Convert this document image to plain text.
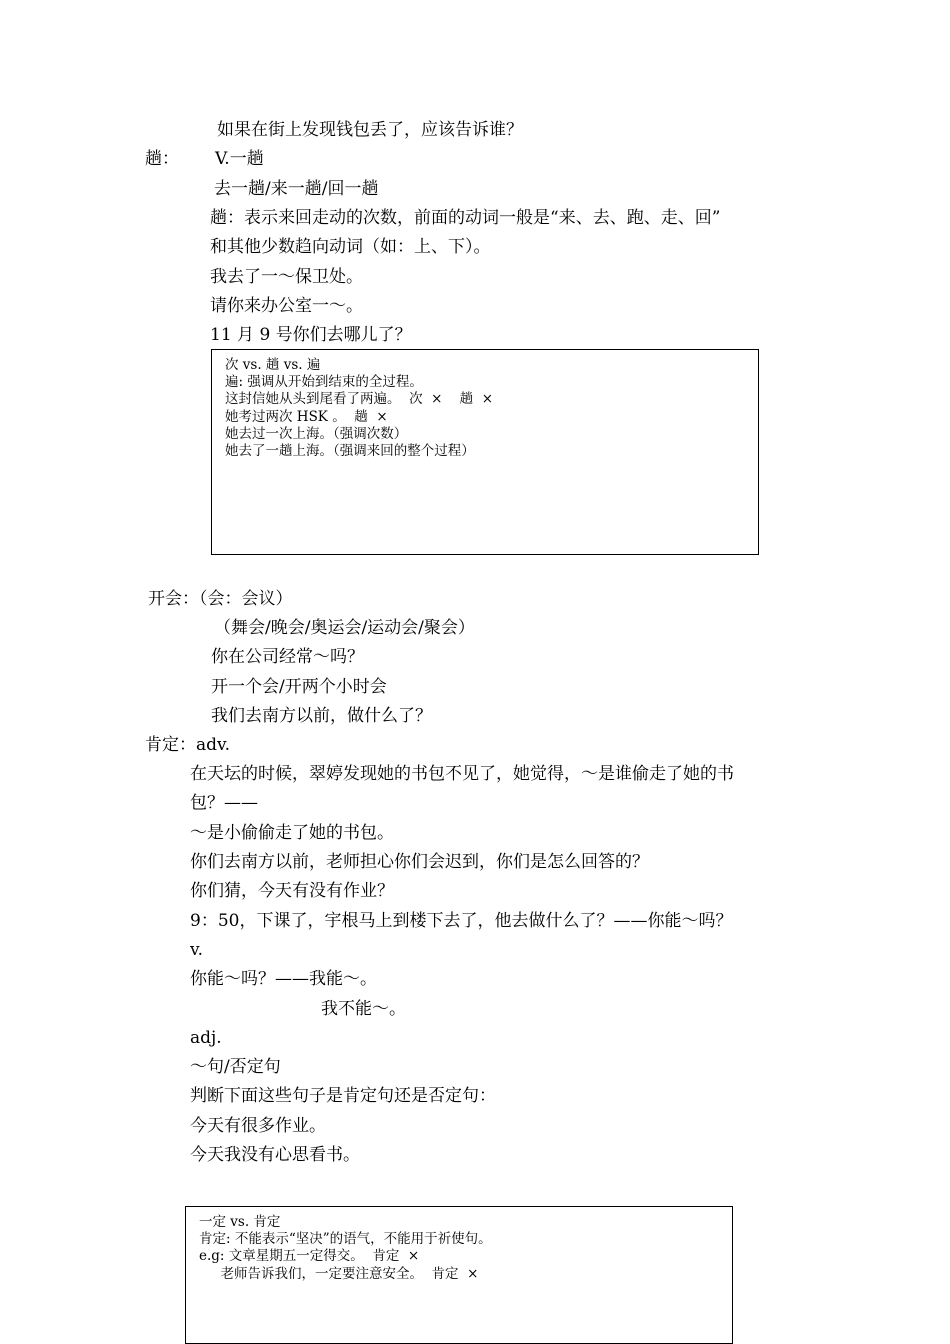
如果在街上发现钱包丢了，应该告诉谁？
趟： V.一趟
去一趟/来一趟/回一趟
趟：表示来回走动的次数，前面的动词一般是“来、去、跑、走、回”
和其他少数趋向动词（如：上、下）。
我去了一～保卫处。
请你来办公室一～。
11 月 9 号你们去哪儿了？
次 vs. 趟 vs. 遍
遍: 强调从开始到结束的全过程。
这封信她从头到尾看了两遍。  次  ×    趟  ×
她考过两次 HSK 。  趟  ×
她去过一次上海。（强调次数）
她去了一趟上海。（强调来回的整个过程）
开会：（会：会议）
（舞会/晚会/奥运会/运动会/聚会）
你在公司经常～吗？
开一个会/开两个小时会
我们去南方以前，做什么了？
肯定：adv.
在天坛的时候，翠婷发现她的书包不见了，她觉得，～是谁偷走了她的书
包？——
～是小偷偷走了她的书包。
你们去南方以前，老师担心你们会迟到，你们是怎么回答的？
你们猜，今天有没有作业？
9：50，下课了，宇根马上到楼下去了，他去做什么了？——你能～吗？
v.
你能～吗？——我能～。
我不能～。
adj.
～句/否定句
判断下面这些句子是肯定句还是否定句：
今天有很多作业。
今天我没有心思看书。
一定 vs. 肯定
肯定: 不能表示“坚决”的语气，不能用于祈使句。
e.g: 文章星期五一定得交。  肯定  ×
老师告诉我们，一定要注意安全。  肯定  ×
